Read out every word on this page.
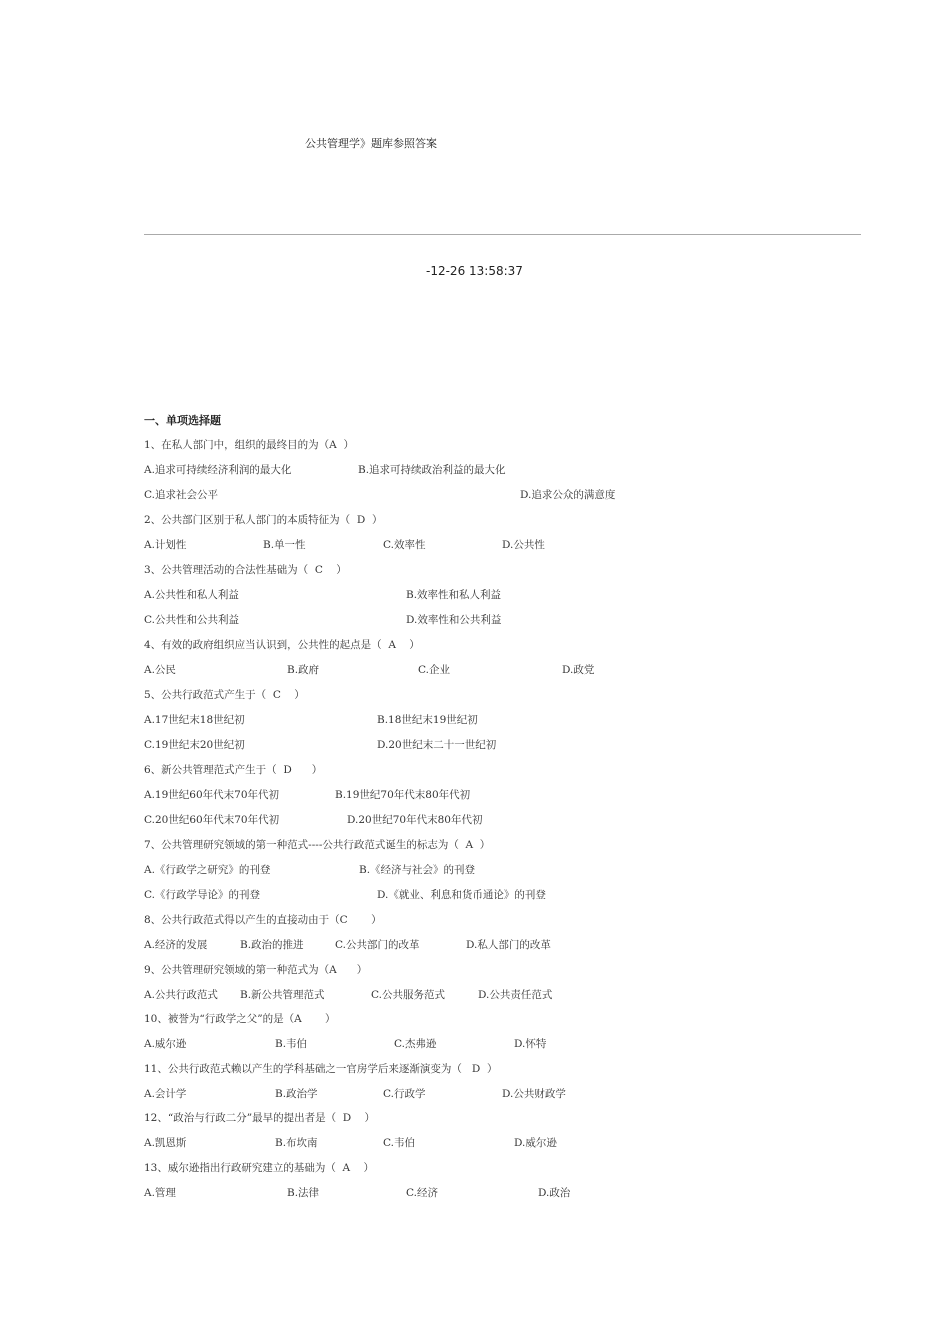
公共管理学》题库参照答案
-12-26 13:58:37
一、单项选择题
1、在私人部门中，组织的最终目的为（A  ）

A.追求可持续经济利润的最大化

	B.追求可持续政治利益的最大化

C.追求社会公平

	D.追求公众的满意度

2、公共部门区别于私人部门的本质特征为（  D  ）

A.计划性

	B.单一性

	C.效率性

	D.公共性

3、公共管理活动的合法性基础为（  C    ）

A.公共性和私人利益

	B.效率性和私人利益

C.公共性和公共利益

	D.效率性和公共利益

4、有效的政府组织应当认识到，公共性的起点是（  A    ）

A.公民

	B.政府

	C.企业

	D.政党

5、公共行政范式产生于（  C    ）

A.17世纪末18世纪初

	B.18世纪末19世纪初

C.19世纪末20世纪初

	D.20世纪末二十一世纪初

6、新公共管理范式产生于（  D      ）

A.19世纪60年代末70年代初

	B.19世纪70年代末80年代初

C.20世纪60年代末70年代初

	D.20世纪70年代末80年代初

7、公共管理研究领域的第一种范式----公共行政范式诞生的标志为（  A  ）

A.《行政学之研究》的刊登

	B.《经济与社会》的刊登

C.《行政学导论》的刊登

	D.《就业、利息和货币通论》的刊登

8、公共行政范式得以产生的直接动由于（C       ）

A.经济的发展

	B.政治的推进

	C.公共部门的改革

	D.私人部门的改革

9、公共管理研究领域的第一种范式为（A      ）

A.公共行政范式

B.新公共管理范式

	C.公共服务范式

	D.公共责任范式

10、被誉为“行政学之父”的是（A       ）

A.威尔逊

	B.韦伯

	C.杰弗逊

	D.怀特

11、公共行政范式赖以产生的学科基础之一官房学后来逐渐演变为（   D  ）

A.会计学

	B.政治学

	C.行政学

	D.公共财政学

12、“政治与行政二分”最早的提出者是（  D    ）

A.凯恩斯

	B.布坎南

	C.韦伯

	D.威尔逊

13、威尔逊指出行政研究建立的基础为（  A    ）

A.管理

	B.法律

	C.经济

	D.政治
